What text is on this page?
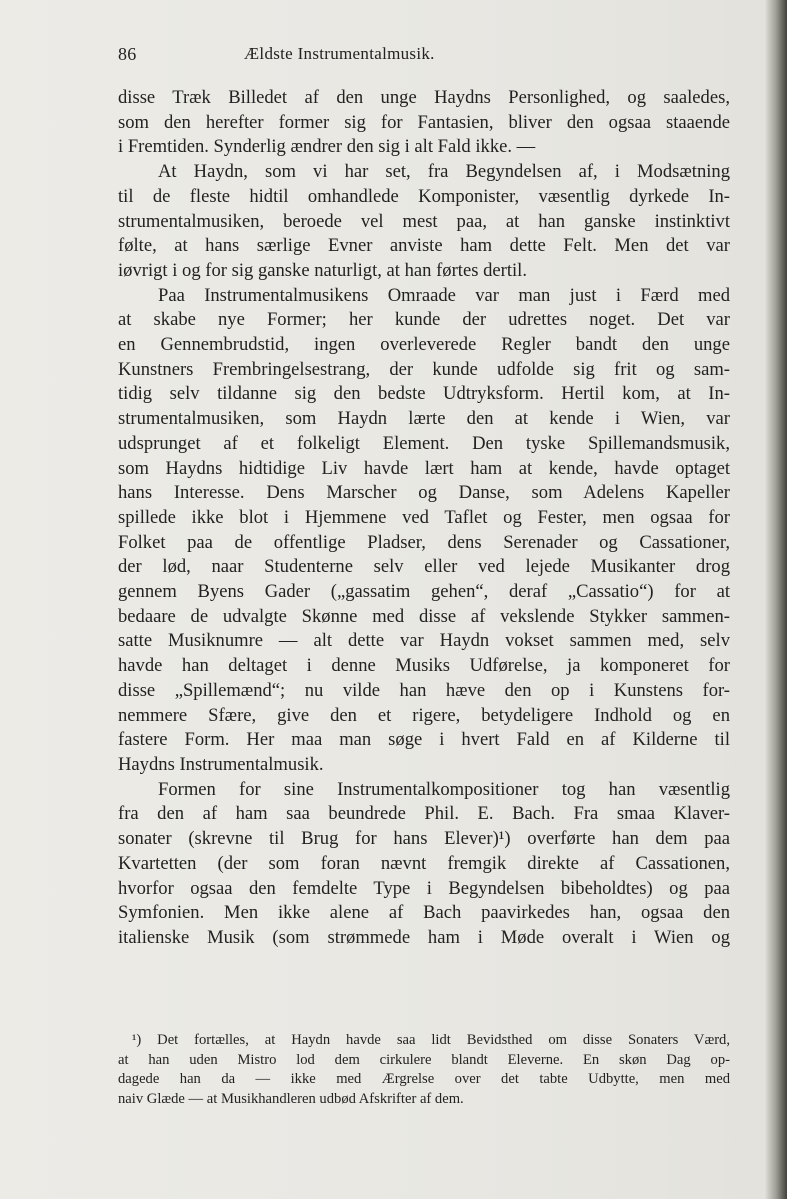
86	Ældste Instrumentalmusik.
disse Træk Billedet af den unge Haydns Personlighed, og saaledes,
som den herefter former sig for Fantasien, bliver den ogsaa staaende
i Fremtiden. Synderlig ændrer den sig i alt Fald ikke. —
At Haydn, som vi har set, fra Begyndelsen af, i Modsætning
til de fleste hidtil omhandlede Komponister, væsentlig dyrkede In-
strumentalmusiken, beroede vel mest paa, at han ganske instinktivt
følte, at hans særlige Evner anviste ham dette Felt. Men det var
iøvrigt i og for sig ganske naturligt, at han førtes dertil.
Paa Instrumentalmusikens Omraade var man just i Færd med
at skabe nye Former; her kunde der udrettes noget. Det var
en Gennembrudstid, ingen overleverede Regler bandt den unge
Kunstners Frembringelsestrang, der kunde udfolde sig frit og sam-
tidig selv tildanne sig den bedste Udtryksform. Hertil kom, at In-
strumentalmusiken, som Haydn lærte den at kende i Wien, var
udsprunget af et folkeligt Element. Den tyske Spillemandsmusik,
som Haydns hidtidige Liv havde lært ham at kende, havde optaget
hans Interesse. Dens Marscher og Danse, som Adelens Kapeller
spillede ikke blot i Hjemmene ved Taflet og Fester, men ogsaa for
Folket paa de offentlige Pladser, dens Serenader og Cassationer,
der lød, naar Studenterne selv eller ved lejede Musikanter drog
gennem Byens Gader („gassatim gehen“, deraf „Cassatio“) for at
bedaare de udvalgte Skønne med disse af vekslende Stykker sammen-
satte Musiknumre — alt dette var Haydn vokset sammen med, selv
havde han deltaget i denne Musiks Udførelse, ja komponeret for
disse „Spillemænd“; nu vilde han hæve den op i Kunstens for-
nemmere Sfære, give den et rigere, betydeligere Indhold og en
fastere Form. Her maa man søge i hvert Fald en af Kilderne til
Haydns Instrumentalmusik.
Formen for sine Instrumentalkompositioner tog han væsentlig
fra den af ham saa beundrede Phil. E. Bach. Fra smaa Klaver-
sonater (skrevne til Brug for hans Elever)¹) overførte han dem paa
Kvartetten (der som foran nævnt fremgik direkte af Cassationen,
hvorfor ogsaa den femdelte Type i Begyndelsen bibeholdtes) og paa
Symfonien. Men ikke alene af Bach paavirkedes han, ogsaa den
italienske Musik (som strømmede ham i Møde overalt i Wien og
¹) Det fortælles, at Haydn havde saa lidt Bevidsthed om disse Sonaters Værd,
at han uden Mistro lod dem cirkulere blandt Eleverne. En skøn Dag op-
dagede han da — ikke med Ærgrelse over det tabte Udbytte, men med
naiv Glæde — at Musikhandleren udbød Afskrifter af dem.
